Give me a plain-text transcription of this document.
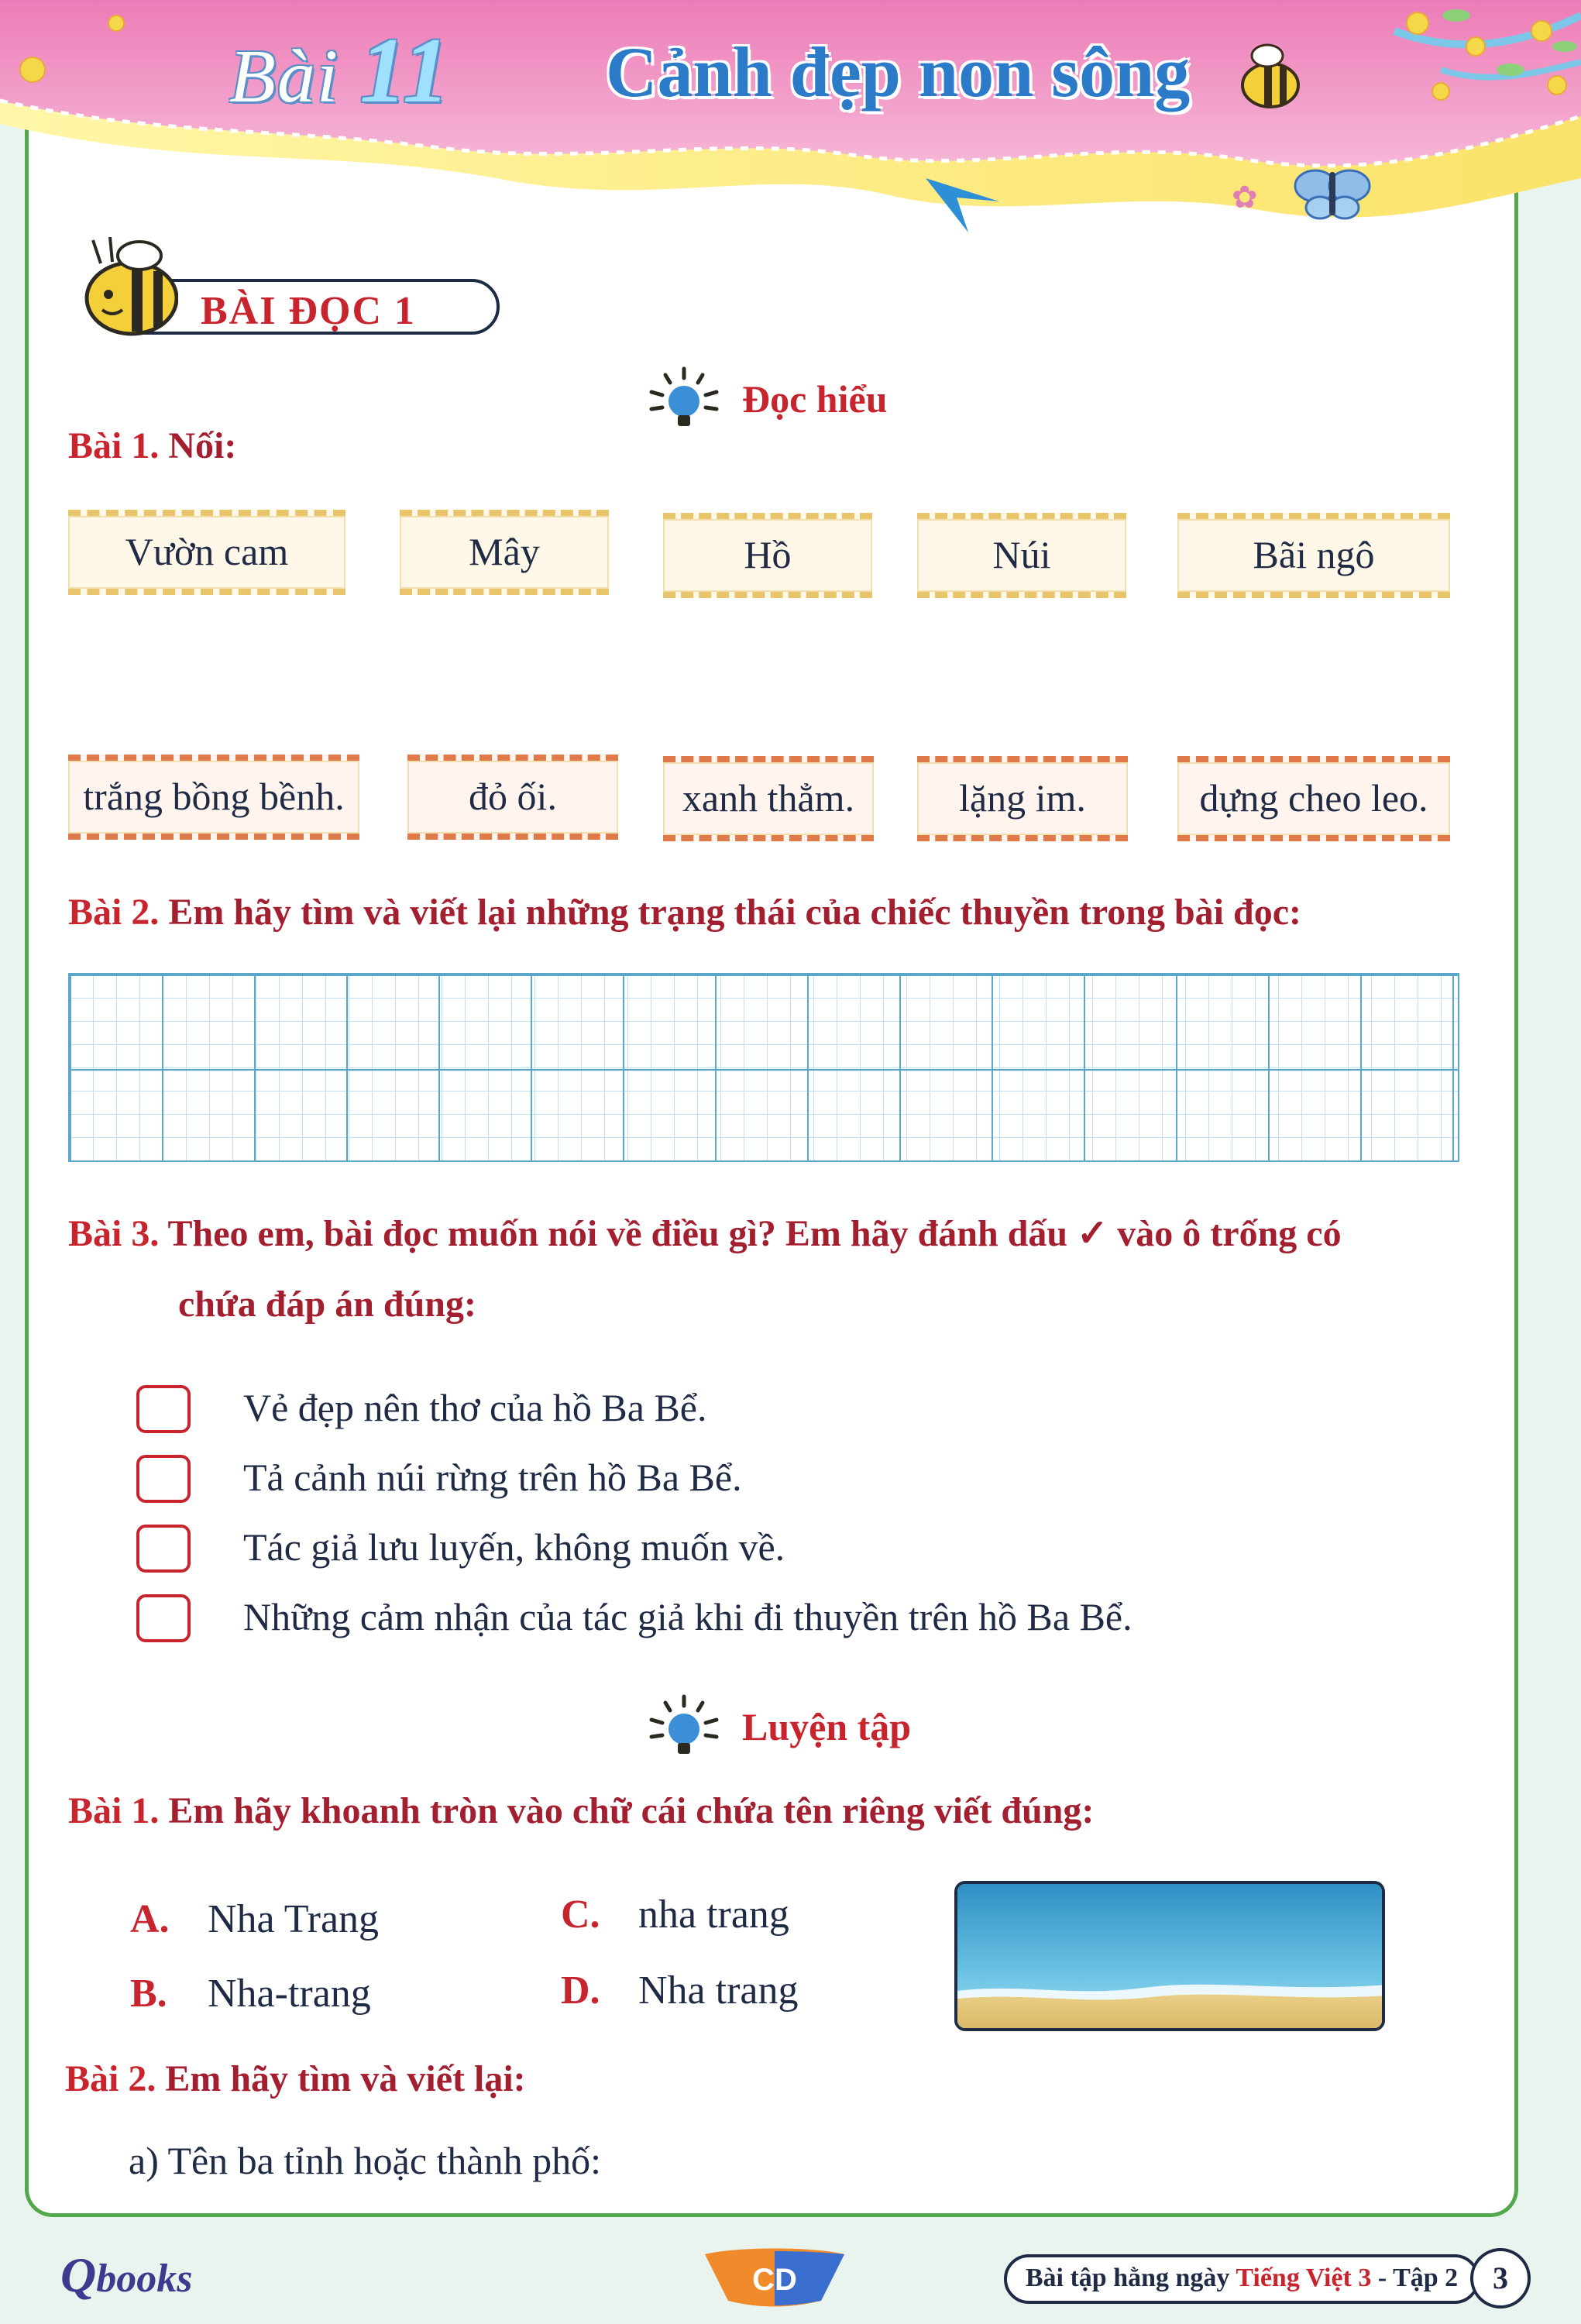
✿
Bài 11 Cảnh đẹp non sông
BÀI ĐỌC 1
Đọc hiểu
Bài 1. Nối:
Vườn cam	Mây	Hồ	Núi	Bãi ngô
trắng bồng bềnh.	đỏ ối.	xanh thẳm.	lặng im.	dựng cheo leo.
Bài 2. Em hãy tìm và viết lại những trạng thái của chiếc thuyền trong bài đọc:
Bài 3. Theo em, bài đọc muốn nói về điều gì? Em hãy đánh dấu ✓ vào ô trống có
chứa đáp án đúng:
Vẻ đẹp nên thơ của hồ Ba Bể.
Tả cảnh núi rừng trên hồ Ba Bể.
Tác giả lưu luyến, không muốn về.
Những cảm nhận của tác giả khi đi thuyền trên hồ Ba Bể.
Luyện tập
Bài 1. Em hãy khoanh tròn vào chữ cái chứa tên riêng viết đúng:
A. Nha Trang
B. Nha-trang
C. nha trang
D. Nha trang
Bài 2. Em hãy tìm và viết lại:
a) Tên ba tỉnh hoặc thành phố:
Qbooks	CD	Bài tập hằng ngày Tiếng Việt 3 - Tập 2	3
